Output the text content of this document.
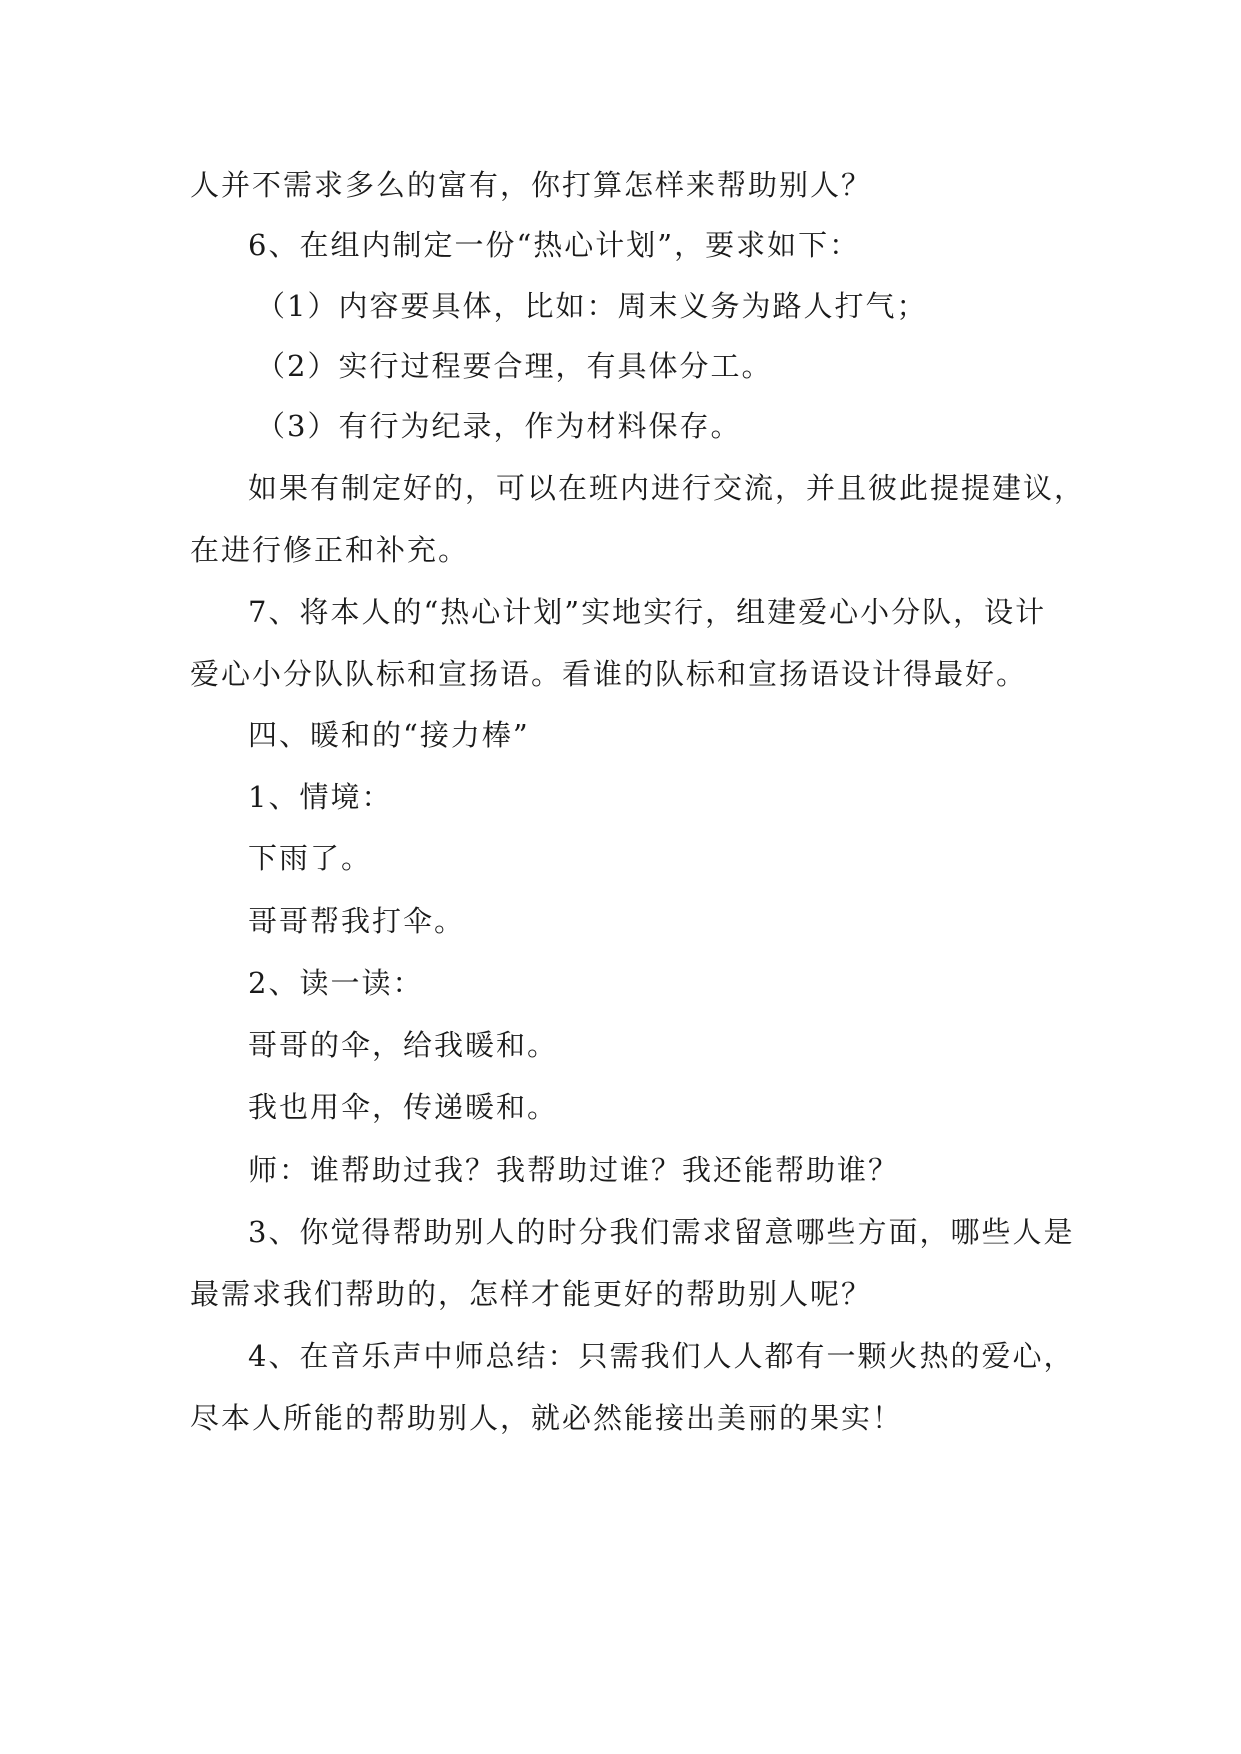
人并不需求多么的富有，你打算怎样来帮助别人？
6、在组内制定一份“热心计划”，要求如下：
（1）内容要具体，比如：周末义务为路人打气；
（2）实行过程要合理，有具体分工。
（3）有行为纪录，作为材料保存。
如果有制定好的，可以在班内进行交流，并且彼此提提建议，
在进行修正和补充。
7、将本人的“热心计划”实地实行，组建爱心小分队，设计
爱心小分队队标和宣扬语。看谁的队标和宣扬语设计得最好。
四、暖和的“接力棒”
1、情境：
下雨了。
哥哥帮我打伞。
2、读一读：
哥哥的伞，给我暖和。
我也用伞，传递暖和。
师：谁帮助过我？我帮助过谁？我还能帮助谁？
3、你觉得帮助别人的时分我们需求留意哪些方面，哪些人是
最需求我们帮助的，怎样才能更好的帮助别人呢？
4、在音乐声中师总结：只需我们人人都有一颗火热的爱心，
尽本人所能的帮助别人，就必然能接出美丽的果实！
